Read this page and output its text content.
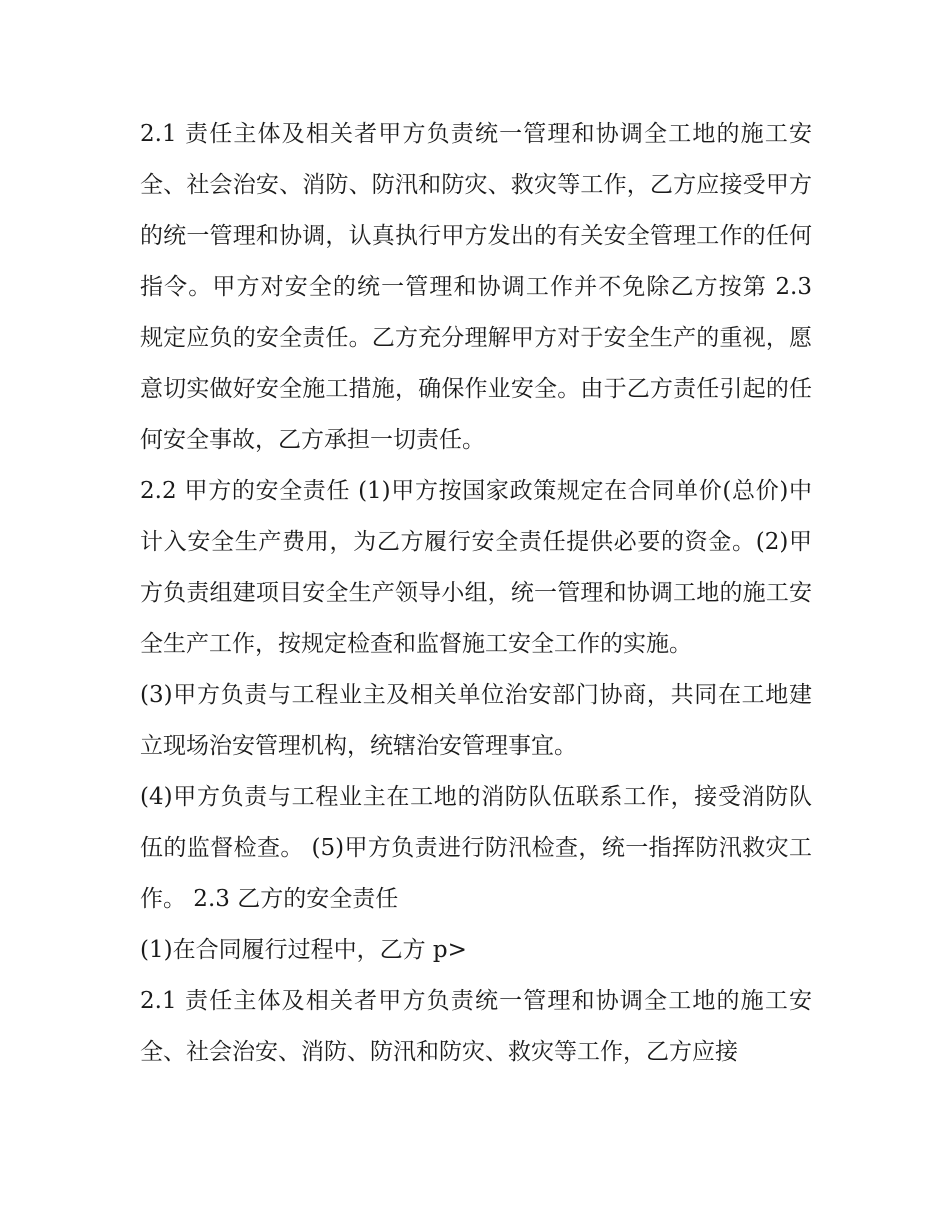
2.1 责任主体及相关者甲方负责统一管理和协调全工地的施工安全、社会治安、消防、防汛和防灾、救灾等工作，乙方应接受甲方的统一管理和协调，认真执行甲方发出的有关安全管理工作的任何指令。甲方对安全的统一管理和协调工作并不免除乙方按第 2.3 规定应负的安全责任。乙方充分理解甲方对于安全生产的重视，愿意切实做好安全施工措施，确保作业安全。由于乙方责任引起的任何安全事故，乙方承担一切责任。

2.2 甲方的安全责任 (1)甲方按国家政策规定在合同单价(总价)中计入安全生产费用，为乙方履行安全责任提供必要的资金。(2)甲方负责组建项目安全生产领导小组，统一管理和协调工地的施工安全生产工作，按规定检查和监督施工安全工作的实施。

(3)甲方负责与工程业主及相关单位治安部门协商，共同在工地建立现场治安管理机构，统辖治安管理事宜。

(4)甲方负责与工程业主在工地的消防队伍联系工作，接受消防队伍的监督检查。 (5)甲方负责进行防汛检查，统一指挥防汛救灾工作。 2.3 乙方的安全责任

(1)在合同履行过程中，乙方 p>

2.1 责任主体及相关者甲方负责统一管理和协调全工地的施工安全、社会治安、消防、防汛和防灾、救灾等工作，乙方应接
